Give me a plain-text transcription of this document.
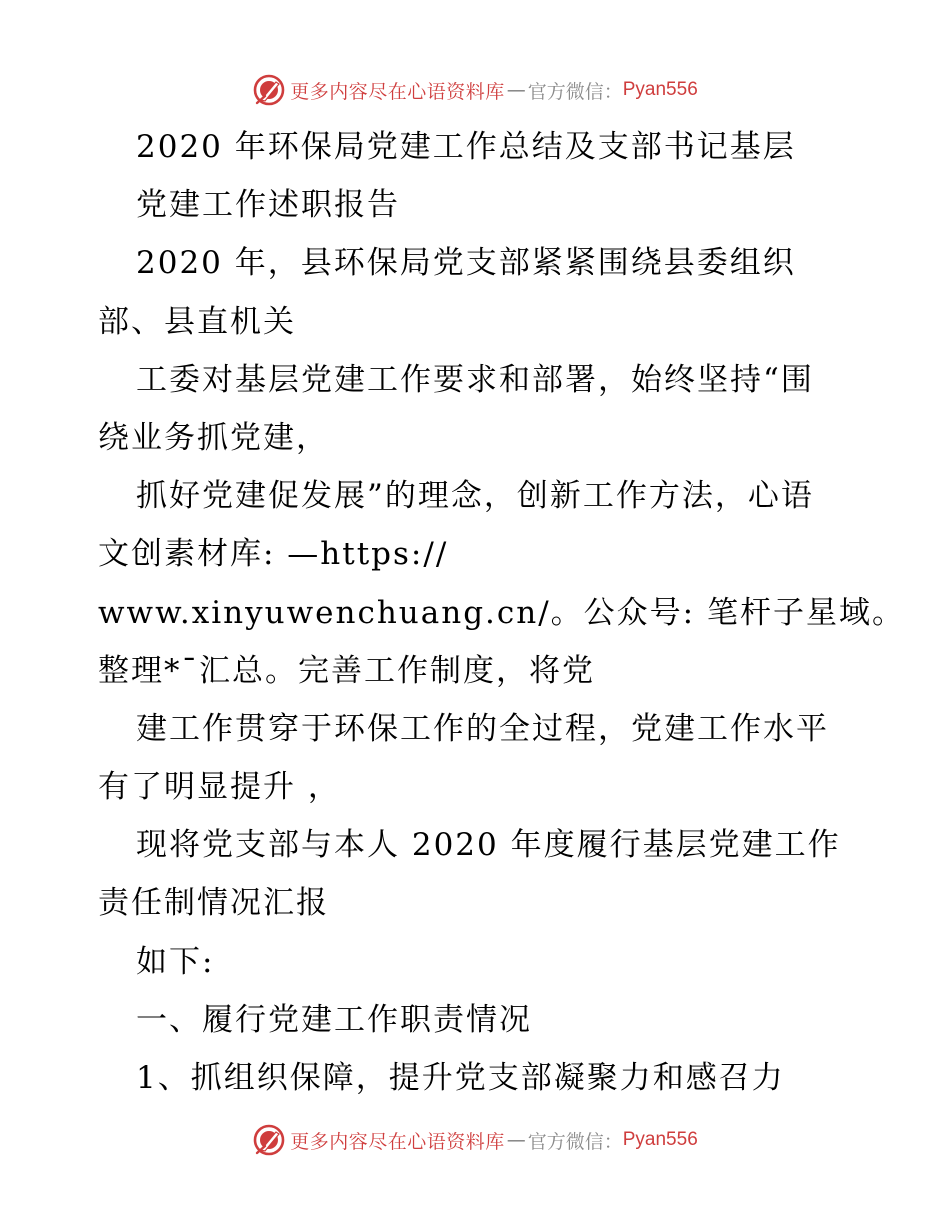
更多内容尽在心语资料库 — 官方微信： Pyan556
2020 年环保局党建工作总结及支部书记基层
党建工作述职报告
2020 年，县环保局党支部紧紧围绕县委组织
部、县直机关
工委对基层党建工作要求和部署，始终坚持“围
绕业务抓党建，
抓好党建促发展”的理念，创新工作方法，心语
文创素材库: —https://
www.xinyuwenchuang.cn/。公众号: 笔杆子星域。
整理*¯汇总。完善工作制度，将党
建工作贯穿于环保工作的全过程，党建工作水平
有了明显提升 ，
现将党支部与本人 2020 年度履行基层党建工作
责任制情况汇报
如下:
一、履行党建工作职责情况
1、抓组织保障，提升党支部凝聚力和感召力
更多内容尽在心语资料库 — 官方微信： Pyan556
